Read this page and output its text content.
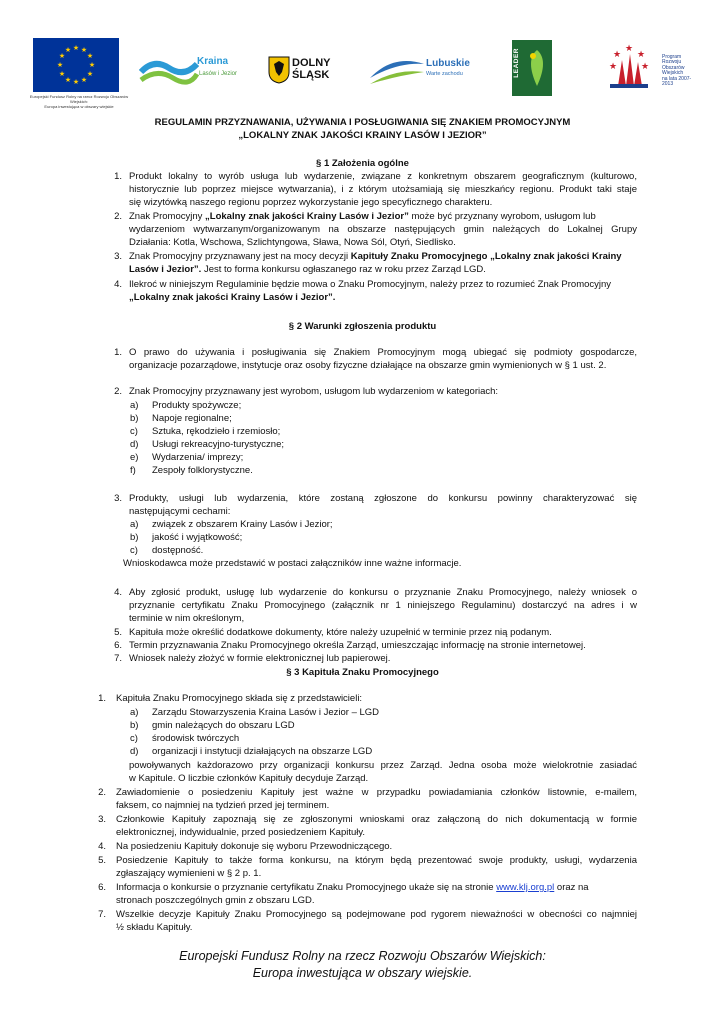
★ ★
★
★
★
★
★
★
★
★
★
★
Europejski Fundusz Rolny na rzecz Rozwoju Obszarów Wiejskich:
Europa inwestująca w obszary wiejskie
Kraina
Lasów i Jezior
DOLNY
ŚLĄSK
Lubuskie
Warte zachodu	LEADER	★
★
★
★
★	Program
Rozwoju
Obszarów
Wiejskich
na lata 2007-2013
REGULAMIN PRZYZNAWANIA, UŻYWANIA I POSŁUGIWANIA SIĘ ZNAKIEM PROMOCYJNYM
„LOKALNY ZNAK JAKOŚCI KRAINY LASÓW I JEZIOR”
§ 1 Założenia ogólne
1. Produkt lokalny to wyrób usługa lub wydarzenie, związane z konkretnym obszarem geograficznym (kulturowo,
historycznie lub poprzez miejsce wytwarzania), i z którym utożsamiają się mieszkańcy regionu. Produkt taki staje
się wizytówką naszego regionu poprzez wykorzystanie jego specyficznego charakteru.
2. Znak Promocyjny „Lokalny znak jakości Krainy Lasów i Jezior” może być przyznany wyrobom, usługom lub
wydarzeniom wytwarzanym/organizowanym na obszarze następujących gmin należących do Lokalnej Grupy
Działania: Kotla, Wschowa, Szlichtyngowa, Sława, Nowa Sól, Otyń, Siedlisko.
3. Znak Promocyjny przyznawany jest na mocy decyzji Kapituły Znaku Promocyjnego „Lokalny znak jakości Krainy
Lasów i Jezior”. Jest to forma konkursu ogłaszanego raz w roku przez Zarząd LGD.
4. Ilekroć w niniejszym Regulaminie będzie mowa o Znaku Promocyjnym, należy przez to rozumieć Znak Promocyjny
„Lokalny znak jakości Krainy Lasów i Jezior”.
§ 2 Warunki zgłoszenia produktu
1. O prawo do używania i posługiwania się Znakiem Promocyjnym mogą ubiegać się podmioty gospodarcze,
organizacje pozarządowe, instytucje oraz osoby fizyczne działające na obszarze gmin wymienionych w § 1 ust. 2.
2. Znak Promocyjny przyznawany jest wyrobom, usługom lub wydarzeniom w kategoriach:
a) Produkty spożywcze;
b) Napoje regionalne;
c) Sztuka, rękodzieło i rzemiosło;
d) Usługi rekreacyjno-turystyczne;
e) Wydarzenia/ imprezy;
f) Zespoły folklorystyczne.
3. Produkty, usługi lub wydarzenia, które zostaną zgłoszone do konkursu powinny charakteryzować się
następującymi cechami:
a) związek z obszarem Krainy Lasów i Jezior;
b) jakość i wyjątkowość;
c) dostępność.
Wnioskodawca może przedstawić w postaci załączników inne ważne informacje.
4. Aby zgłosić produkt, usługę lub wydarzenie do konkursu o przyznanie Znaku Promocyjnego, należy wniosek o
przyznanie certyfikatu Znaku Promocyjnego (załącznik nr 1 niniejszego Regulaminu) dostarczyć na adres i w
terminie w nim określonym,
5. Kapituła może określić dodatkowe dokumenty, które należy uzupełnić w terminie przez nią podanym.
6. Termin przyznawania Znaku Promocyjnego określa Zarząd, umieszczając informację na stronie internetowej.
7. Wniosek należy złożyć w formie elektronicznej lub papierowej.
§ 3 Kapituła Znaku Promocyjnego
1. Kapituła Znaku Promocyjnego składa się z przedstawicieli:
a) Zarządu Stowarzyszenia Kraina Lasów i Jezior – LGD
b) gmin należących do obszaru LGD
c) środowisk twórczych
d) organizacji i instytucji działających na obszarze LGD
powoływanych każdorazowo przy organizacji konkursu przez Zarząd. Jedna osoba może wielokrotnie zasiadać
w Kapitule. O liczbie członków Kapituły decyduje Zarząd.
2. Zawiadomienie o posiedzeniu Kapituły jest ważne w przypadku powiadamiania członków listownie, e-mailem,
faksem, co najmniej na tydzień przed jej terminem.
3. Członkowie Kapituły zapoznają się ze zgłoszonymi wnioskami oraz załączoną do nich dokumentacją w formie
elektronicznej, indywidualnie, przed posiedzeniem Kapituły.
4. Na posiedzeniu Kapituły dokonuje się wyboru Przewodniczącego.
5. Posiedzenie Kapituły to także forma konkursu, na którym będą prezentować swoje produkty, usługi, wydarzenia
zgłaszający wymienieni w § 2 p. 1.
6. Informacja o konkursie o przyznanie certyfikatu Znaku Promocyjnego ukaże się na stronie www.klj.org.pl oraz na
stronach poszczególnych gmin z obszaru LGD.
7. Wszelkie decyzje Kapituły Znaku Promocyjnego są podejmowane pod rygorem nieważności w obecności co najmniej
½ składu Kapituły.
Europejski Fundusz Rolny na rzecz Rozwoju Obszarów Wiejskich:
Europa inwestująca w obszary wiejskie.
